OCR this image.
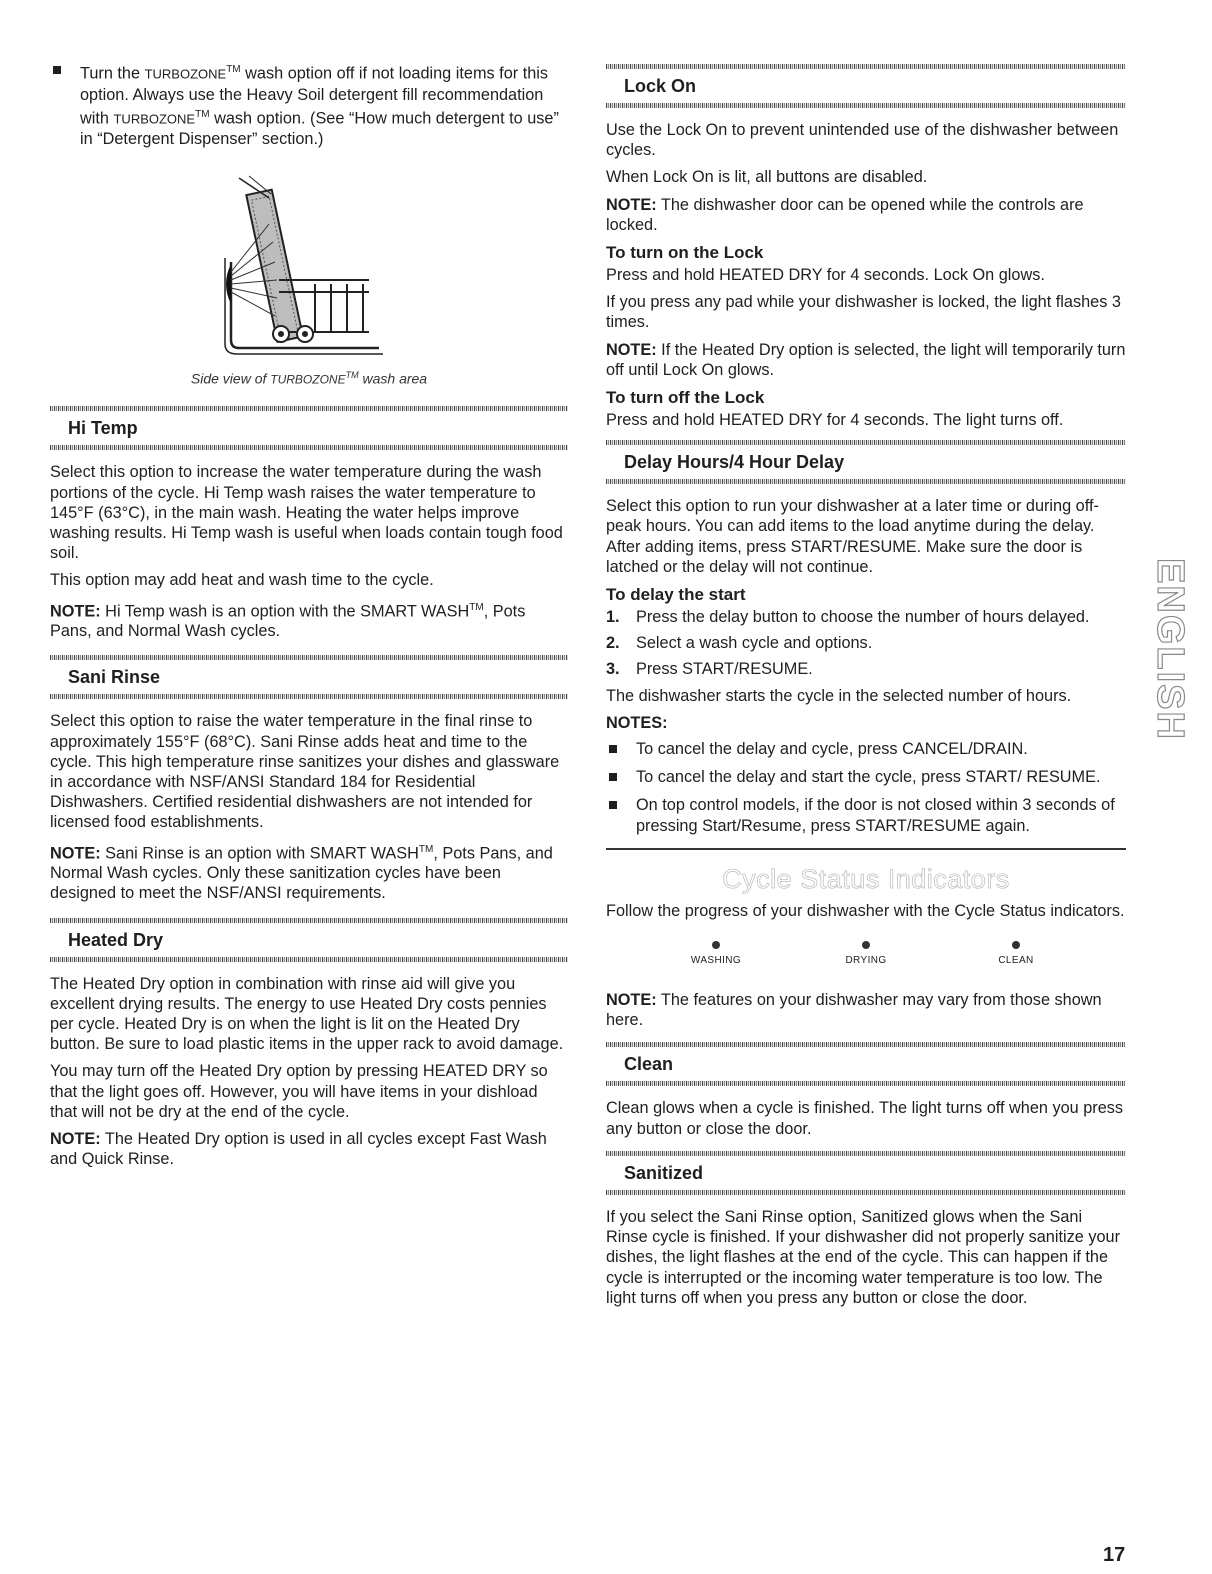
Turn the TURBOZONE™ wash option off if not loading items for this option. Always use the Heavy Soil detergent fill recommendation with TURBOZONE™ wash option. (See “How much detergent to use” in “Detergent Dispenser” section.)
Side view of TURBOZONE™ wash area
Hi Temp

Select this option to increase the water temperature during the wash portions of the cycle. Hi Temp wash raises the water temperature to 145°F (63°C), in the main wash. Heating the water helps improve washing results. Hi Temp wash is useful when loads contain tough food soil.

This option may add heat and wash time to the cycle.

NOTE: Hi Temp wash is an option with the SMART WASH™, Pots Pans, and Normal Wash cycles.

Sani Rinse

Select this option to raise the water temperature in the final rinse to approximately 155°F (68°C). Sani Rinse adds heat and time to the cycle. This high temperature rinse sanitizes your dishes and glassware in accordance with NSF/ANSI Standard 184 for Residential Dishwashers. Certified residential dishwashers are not intended for licensed food establishments.

NOTE: Sani Rinse is an option with SMART WASH™, Pots Pans, and Normal Wash cycles. Only these sanitization cycles have been designed to meet the NSF/ANSI requirements.

Heated Dry

The Heated Dry option in combination with rinse aid will give you excellent drying results. The energy to use Heated Dry costs pennies per cycle. Heated Dry is on when the light is lit on the Heated Dry button. Be sure to load plastic items in the upper rack to avoid damage.

You may turn off the Heated Dry option by pressing HEATED DRY so that the light goes off. However, you will have items in your dishload that will not be dry at the end of the cycle.

NOTE: The Heated Dry option is used in all cycles except Fast Wash and Quick Rinse.

Lock On

Use the Lock On to prevent unintended use of the dishwasher between cycles.

When Lock On is lit, all buttons are disabled.

NOTE: The dishwasher door can be opened while the controls are locked.

To turn on the Lock

Press and hold HEATED DRY for 4 seconds. Lock On glows.

If you press any pad while your dishwasher is locked, the light flashes 3 times.

NOTE: If the Heated Dry option is selected, the light will temporarily turn off until Lock On glows.

To turn off the Lock

Press and hold HEATED DRY for 4 seconds. The light turns off.

Delay Hours/4 Hour Delay

Select this option to run your dishwasher at a later time or during off-peak hours. You can add items to the load anytime during the delay. After adding items, press START/RESUME. Make sure the door is latched or the delay will not continue.

To delay the start
1. Press the delay button to choose the number of hours delayed.
2. Select a wash cycle and options.
3. Press START/RESUME.

The dishwasher starts the cycle in the selected number of hours.

NOTES:

To cancel the delay and cycle, press CANCEL/DRAIN.
To cancel the delay and start the cycle, press START/ RESUME.
On top control models, if the door is not closed within 3 seconds of pressing Start/Resume, press START/RESUME again.
Cycle Status Indicators

Follow the progress of your dishwasher with the Cycle Status indicators.

WASHING	DRYING	CLEAN

NOTE: The features on your dishwasher may vary from those shown here.

Clean

Clean glows when a cycle is finished. The light turns off when you press any button or close the door.

Sanitized

If you select the Sani Rinse option, Sanitized glows when the Sani Rinse cycle is finished. If your dishwasher did not properly sanitize your dishes, the light flashes at the end of the cycle. This can happen if the cycle is interrupted or the incoming water temperature is too low. The light turns off when you press any button or close the door.

ENGLISH
17
